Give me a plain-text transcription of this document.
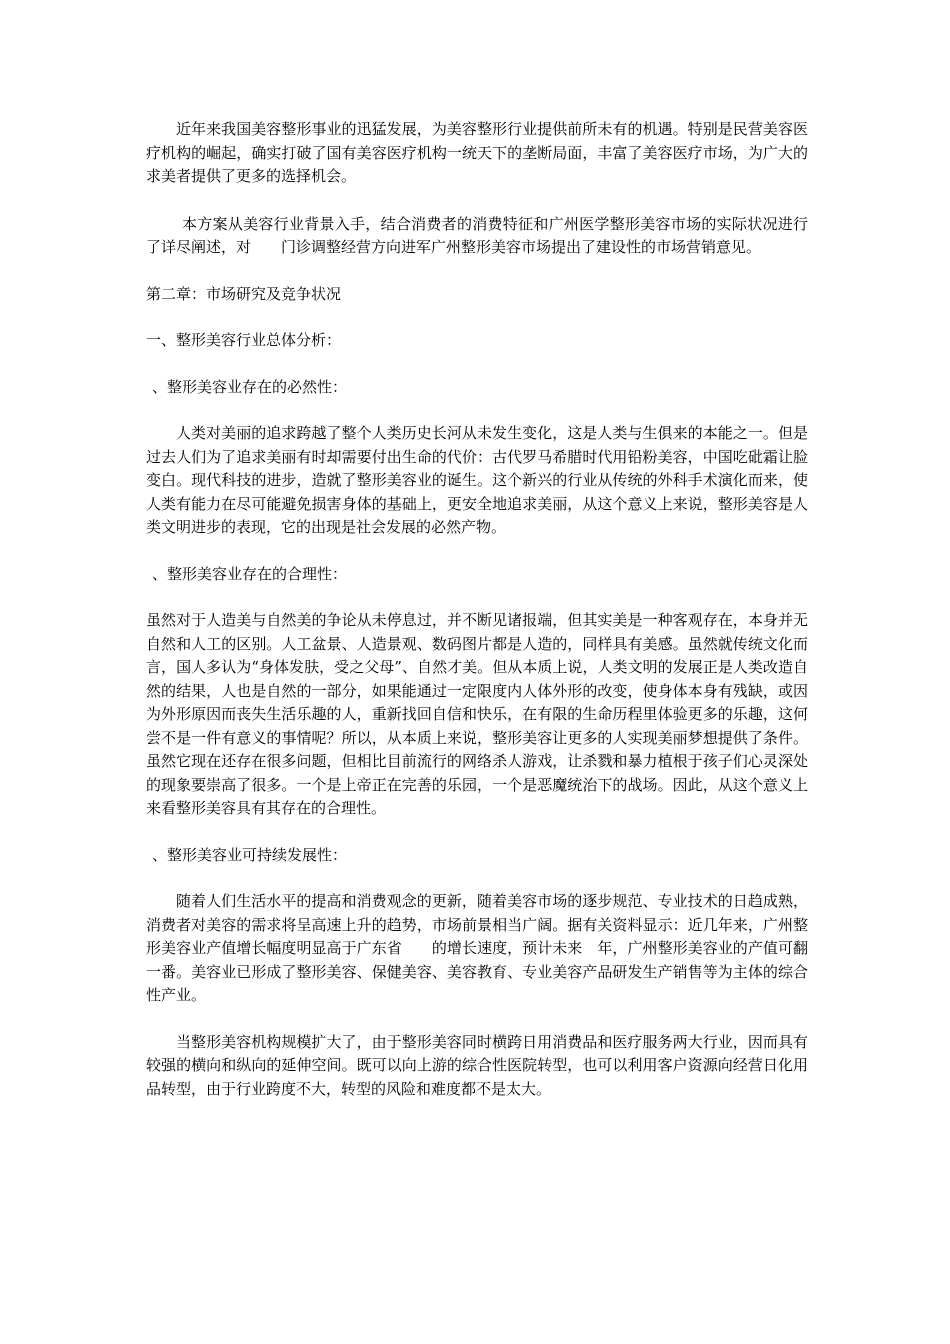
近年来我国美容整形事业的迅猛发展，为美容整形行业提供前所未有的机遇。特别是民营美容医疗机构的崛起，确实打破了国有美容医疗机构一统天下的垄断局面，丰富了美容医疗市场，为广大的求美者提供了更多的选择机会。

本方案从美容行业背景入手，结合消费者的消费特征和广州医学整形美容市场的实际状况进行了详尽阐述，对　　门诊调整经营方向进军广州整形美容市场提出了建设性的市场营销意见。

第二章：市场研究及竞争状况

一、整形美容行业总体分析：

、整形美容业存在的必然性：

人类对美丽的追求跨越了整个人类历史长河从未发生变化，这是人类与生俱来的本能之一。但是过去人们为了追求美丽有时却需要付出生命的代价：古代罗马希腊时代用铅粉美容，中国吃砒霜让脸变白。现代科技的进步，造就了整形美容业的诞生。这个新兴的行业从传统的外科手术演化而来，使人类有能力在尽可能避免损害身体的基础上，更安全地追求美丽，从这个意义上来说，整形美容是人类文明进步的表现，它的出现是社会发展的必然产物。

、整形美容业存在的合理性：

虽然对于人造美与自然美的争论从未停息过，并不断见诸报端，但其实美是一种客观存在，本身并无自然和人工的区别。人工盆景、人造景观、数码图片都是人造的，同样具有美感。虽然就传统文化而言，国人多认为“身体发肤，受之父母”、自然才美。但从本质上说，人类文明的发展正是人类改造自然的结果，人也是自然的一部分，如果能通过一定限度内人体外形的改变，使身体本身有残缺，或因为外形原因而丧失生活乐趣的人，重新找回自信和快乐，在有限的生命历程里体验更多的乐趣，这何尝不是一件有意义的事情呢？所以，从本质上来说，整形美容让更多的人实现美丽梦想提供了条件。虽然它现在还存在很多问题，但相比目前流行的网络杀人游戏，让杀戮和暴力植根于孩子们心灵深处的现象要崇高了很多。一个是上帝正在完善的乐园，一个是恶魔统治下的战场。因此，从这个意义上来看整形美容具有其存在的合理性。

、整形美容业可持续发展性：

随着人们生活水平的提高和消费观念的更新，随着美容市场的逐步规范、专业技术的日趋成熟，消费者对美容的需求将呈高速上升的趋势，市场前景相当广阔。据有关资料显示：近几年来，广州整形美容业产值增长幅度明显高于广东省　　的增长速度，预计未来　年，广州整形美容业的产值可翻一番。美容业已形成了整形美容、保健美容、美容教育、专业美容产品研发生产销售等为主体的综合性产业。

当整形美容机构规模扩大了，由于整形美容同时横跨日用消费品和医疗服务两大行业，因而具有较强的横向和纵向的延伸空间。既可以向上游的综合性医院转型，也可以利用客户资源向经营日化用品转型，由于行业跨度不大，转型的风险和难度都不是太大。
